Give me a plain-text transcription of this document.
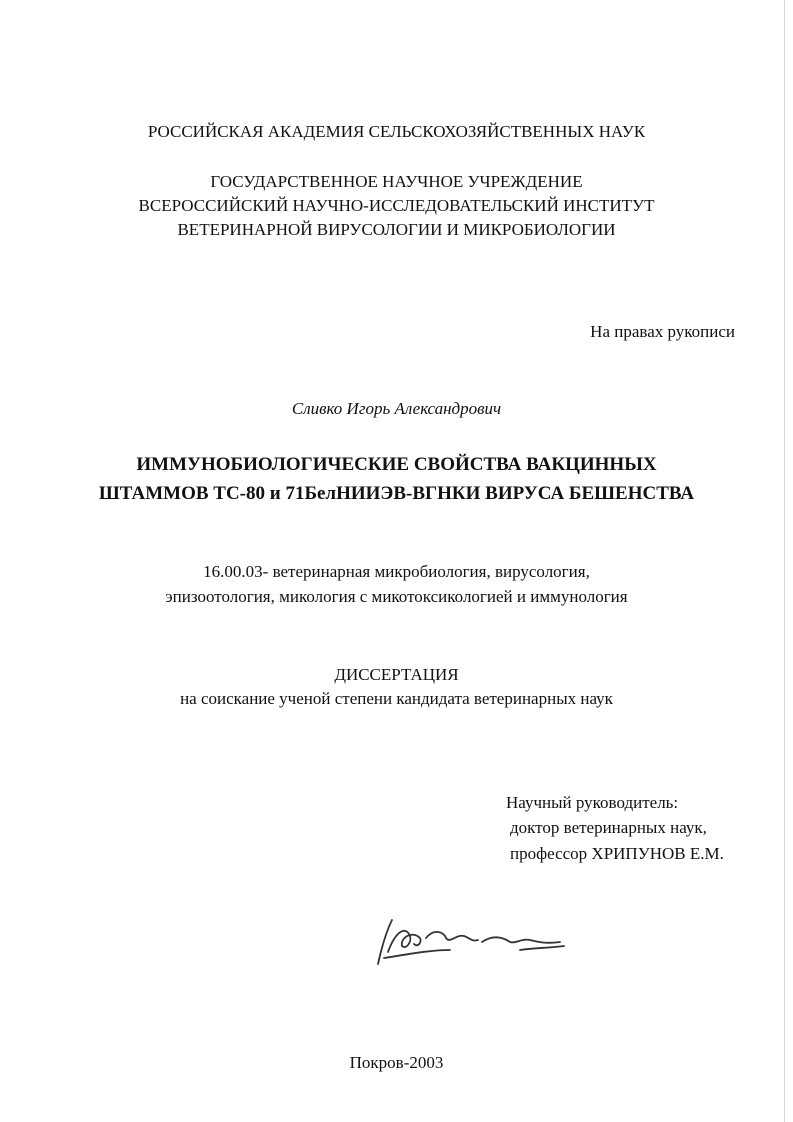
РОССИЙСКАЯ АКАДЕМИЯ СЕЛЬСКОХОЗЯЙСТВЕННЫХ НАУК
ГОСУДАРСТВЕННОЕ НАУЧНОЕ УЧРЕЖДЕНИЕ
ВСЕРОССИЙСКИЙ НАУЧНО-ИССЛЕДОВАТЕЛЬСКИЙ ИНСТИТУТ
ВЕТЕРИНАРНОЙ ВИРУСОЛОГИИ И МИКРОБИОЛОГИИ
На правах рукописи
Сливко Игорь Александрович
ИММУНОБИОЛОГИЧЕСКИЕ СВОЙСТВА ВАКЦИННЫХ
ШТАММОВ ТС-80 и 71БелНИИЭВ-ВГНКИ ВИРУСА БЕШЕНСТВА
16.00.03- ветеринарная микробиология, вирусология,
эпизоотология, микология с микотоксикологией и иммунология
ДИССЕРТАЦИЯ
на соискание ученой степени кандидата ветеринарных наук
Научный руководитель:
доктор ветеринарных наук,
профессор ХРИПУНОВ Е.М.
Покров-2003
